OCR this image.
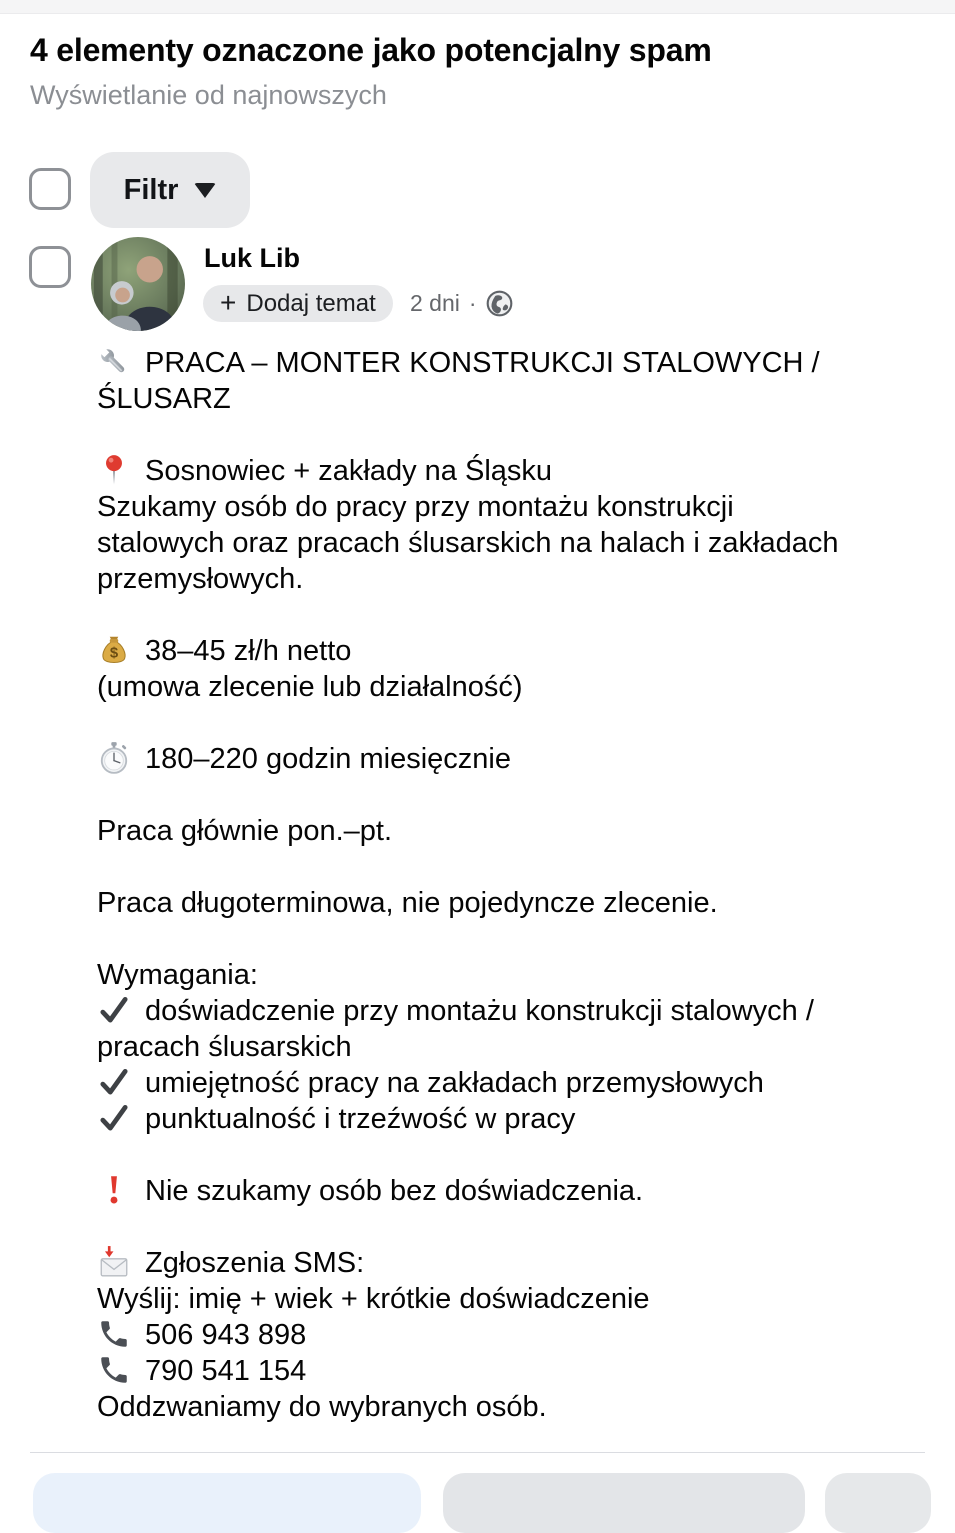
4 elementy oznaczone jako potencjalny spam
Wyświetlanie od najnowszych
Filtr
Luk Lib
+ Dodaj temat 2 dni ·
PRACA – MONTER KONSTRUKCJI STALOWYCH /
ŚLUSARZ
Sosnowiec + zakłady na Śląsku
Szukamy osób do pracy przy montażu konstrukcji
stalowych oraz pracach ślusarskich na halach i zakładach
przemysłowych.
38–45 zł/h netto
(umowa zlecenie lub działalność)
180–220 godzin miesięcznie
Praca głównie pon.–pt.
Praca długoterminowa, nie pojedyncze zlecenie.
Wymagania:
doświadczenie przy montażu konstrukcji stalowych /
pracach ślusarskich
umiejętność pracy na zakładach przemysłowych
punktualność i trzeźwość w pracy
Nie szukamy osób bez doświadczenia.
Zgłoszenia SMS:
Wyślij: imię + wiek + krótkie doświadczenie
506 943 898
790 541 154
Oddzwaniamy do wybranych osób.
